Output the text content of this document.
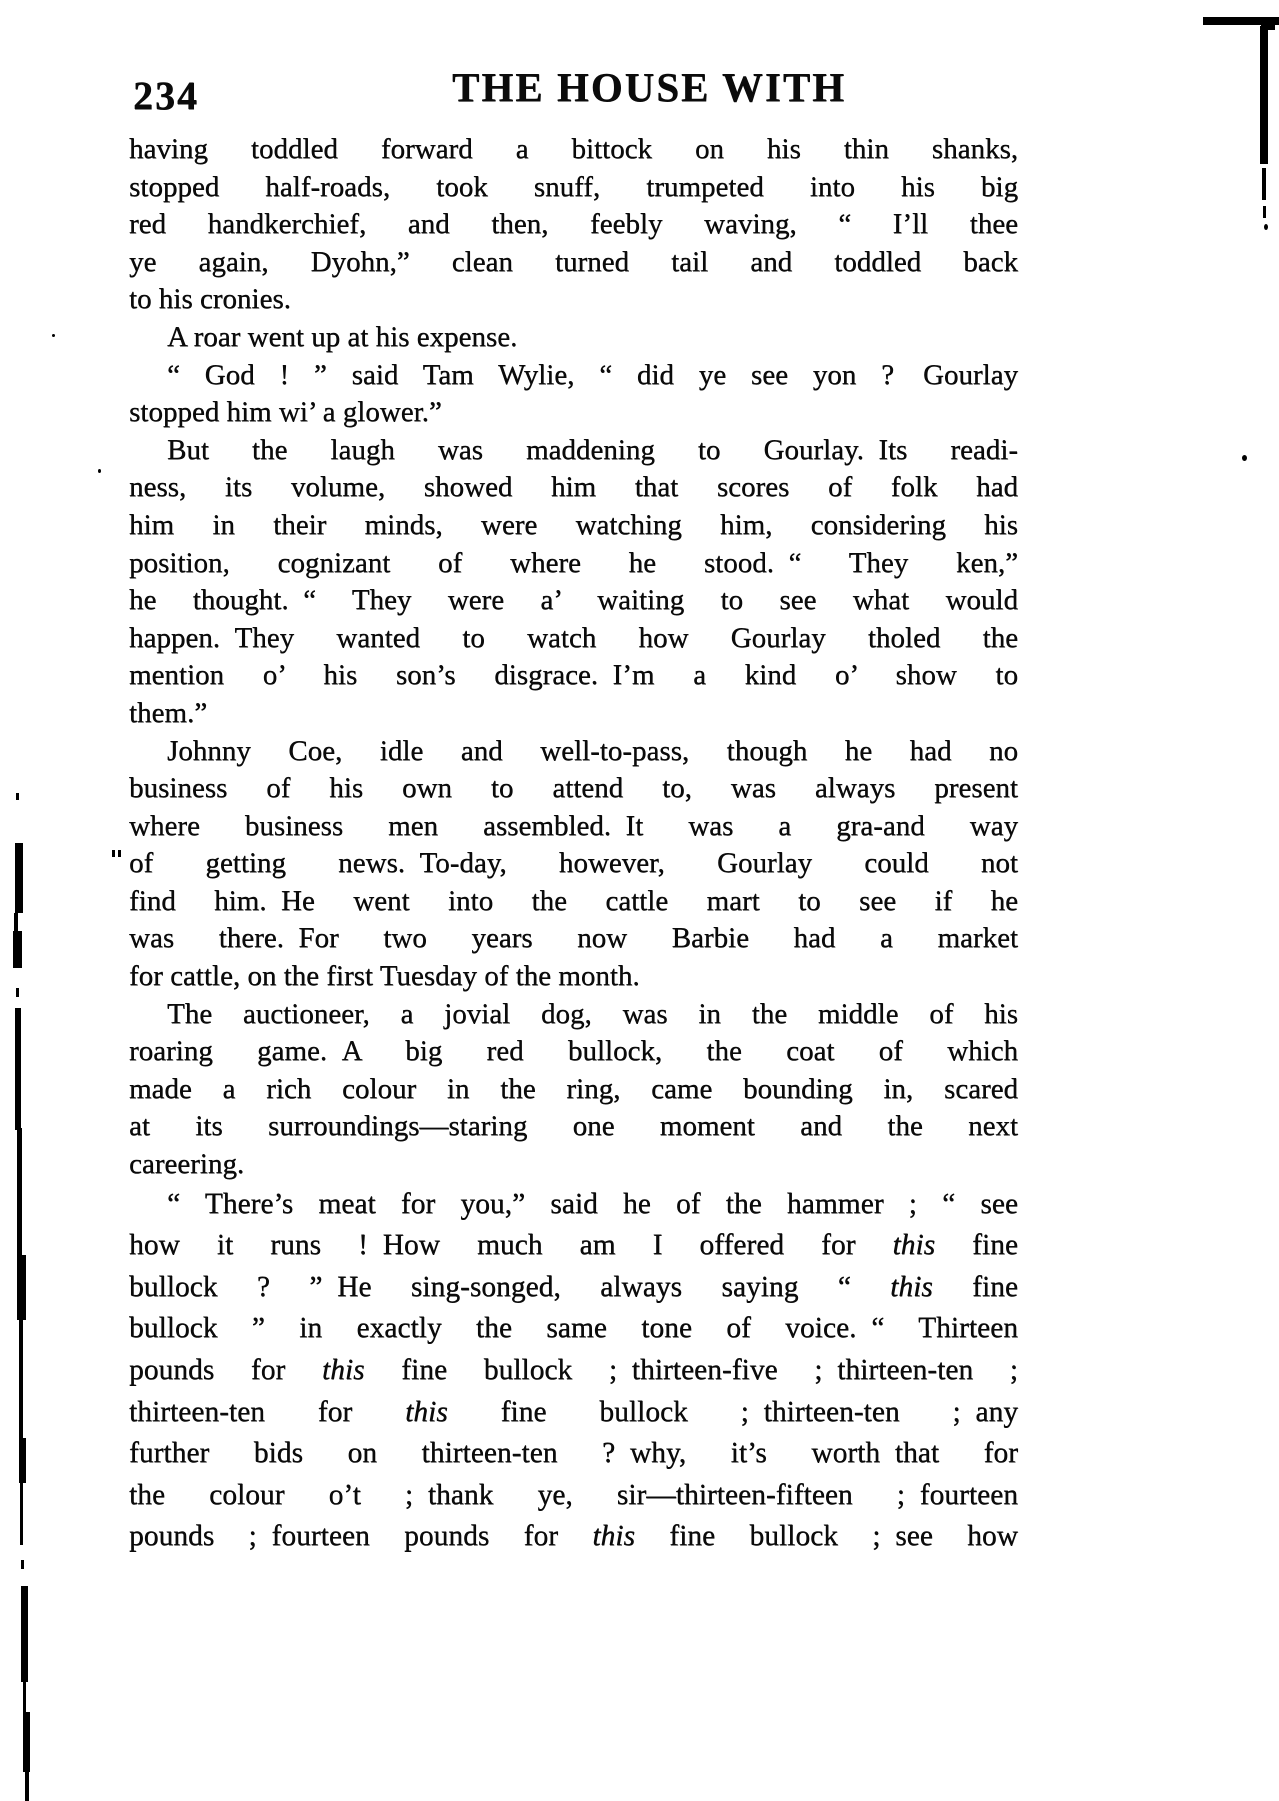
234	THE HOUSE WITH
having toddled forward a bittock on his thin shanks,
stopped half-roads, took snuff, trumpeted into his big
red handkerchief, and then, feebly waving, “ I’ll thee
ye again, Dyohn,” clean turned tail and toddled back
to his cronies.
A roar went up at his expense.
“ God ! ” said Tam Wylie, “ did ye see yon ?  Gourlay
stopped him wi’ a glower.”
But the laugh was maddening to Gourlay. Its readi-
ness, its volume, showed him that scores of folk had
him in their minds, were watching him, considering his
position, cognizant of where he stood. “ They ken,”
he thought. “ They were a’ waiting to see what would
happen. They wanted to watch how Gourlay tholed the
mention o’ his son’s disgrace. I’m a kind o’ show to
them.”
Johnny Coe, idle and well-to-pass, though he had no
business of his own to attend to, was always present
where business men assembled. It was a gra-and way
of getting news. To-day, however, Gourlay could not
find him. He went into the cattle mart to see if he
was there. For two years now Barbie had a market
for cattle, on the first Tuesday of the month.
The auctioneer, a jovial dog, was in the middle of his
roaring game. A big red bullock, the coat of which
made a rich colour in the ring, came bounding in, scared
at its surroundings—staring one moment and the next
careering.
“ There’s meat for you,” said he of the hammer ; “ see
how it runs ! How much am I offered for this fine
bullock ? ” He sing-songed, always saying “ this fine
bullock ” in exactly the same tone of voice. “ Thirteen
pounds for this fine bullock ; thirteen-five ; thirteen-ten ;
thirteen-ten for this fine bullock ; thirteen-ten ; any
further bids on thirteen-ten ? why, it’s worth that for
the colour o’t ; thank ye, sir—thirteen-fifteen ; fourteen
pounds ; fourteen pounds for this fine bullock ; see how
